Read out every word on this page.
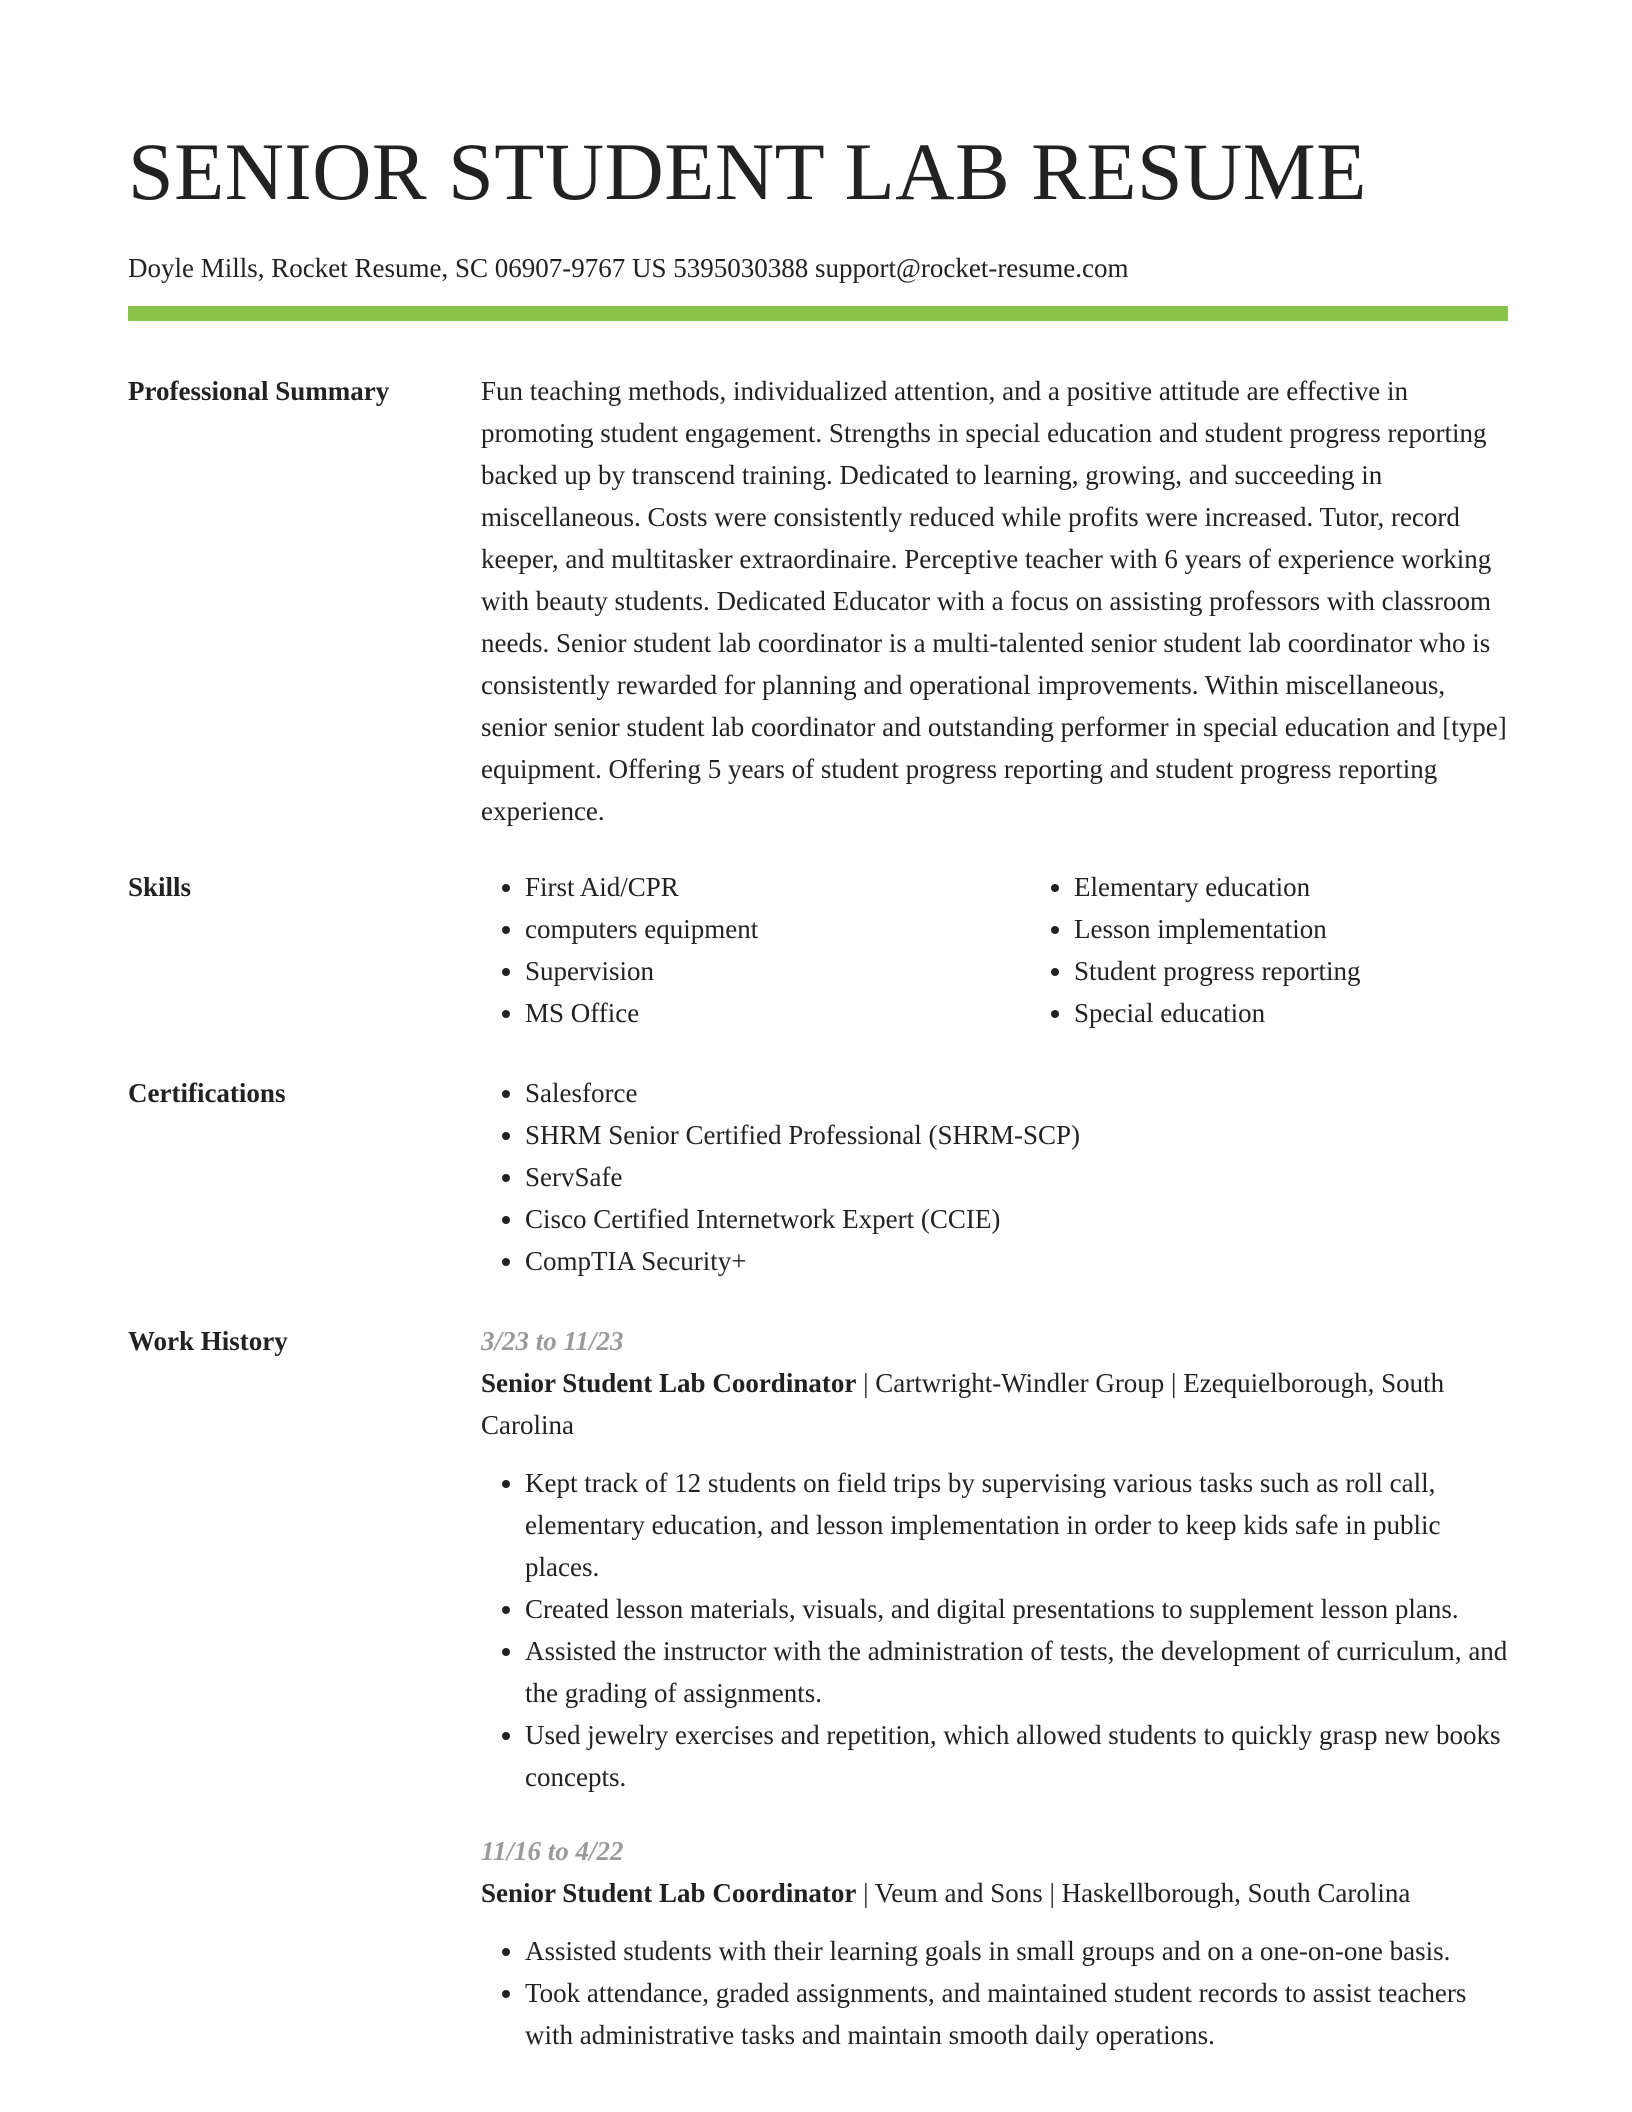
SENIOR STUDENT LAB RESUME
Doyle Mills, Rocket Resume, SC 06907-9767 US 5395030388 support@rocket-resume.com
Professional Summary	Fun teaching methods, individualized attention, and a positive attitude are effective in promoting student engagement. Strengths in special education and student progress reporting backed up by transcend training. Dedicated to learning, growing, and succeeding in miscellaneous. Costs were consistently reduced while profits were increased. Tutor, record keeper, and multitasker extraordinaire. Perceptive teacher with 6 years of experience working with beauty students. Dedicated Educator with a focus on assisting professors with classroom needs. Senior student lab coordinator is a multi-talented senior student lab coordinator who is consistently rewarded for planning and operational improvements. Within miscellaneous, senior senior student lab coordinator and outstanding performer in special education and [type] equipment. Offering 5 years of student progress reporting and student progress reporting experience.
Skills	• First Aid/CPR
• computers equipment
• Supervision
• MS Office
• Elementary education
• Lesson implementation
• Student progress reporting
• Special education
Certifications	• Salesforce
• SHRM Senior Certified Professional (SHRM-SCP)
• ServSafe
• Cisco Certified Internetwork Expert (CCIE)
• CompTIA Security+
Work History	3/23 to 11/23
Senior Student Lab Coordinator | Cartwright-Windler Group | Ezequielborough, South Carolina
• Kept track of 12 students on field trips by supervising various tasks such as roll call, elementary education, and lesson implementation in order to keep kids safe in public places.
• Created lesson materials, visuals, and digital presentations to supplement lesson plans.
• Assisted the instructor with the administration of tests, the development of curriculum, and the grading of assignments.
• Used jewelry exercises and repetition, which allowed students to quickly grasp new books concepts.
11/16 to 4/22
Senior Student Lab Coordinator | Veum and Sons | Haskellborough, South Carolina
• Assisted students with their learning goals in small groups and on a one-on-one basis.
• Took attendance, graded assignments, and maintained student records to assist teachers with administrative tasks and maintain smooth daily operations.
